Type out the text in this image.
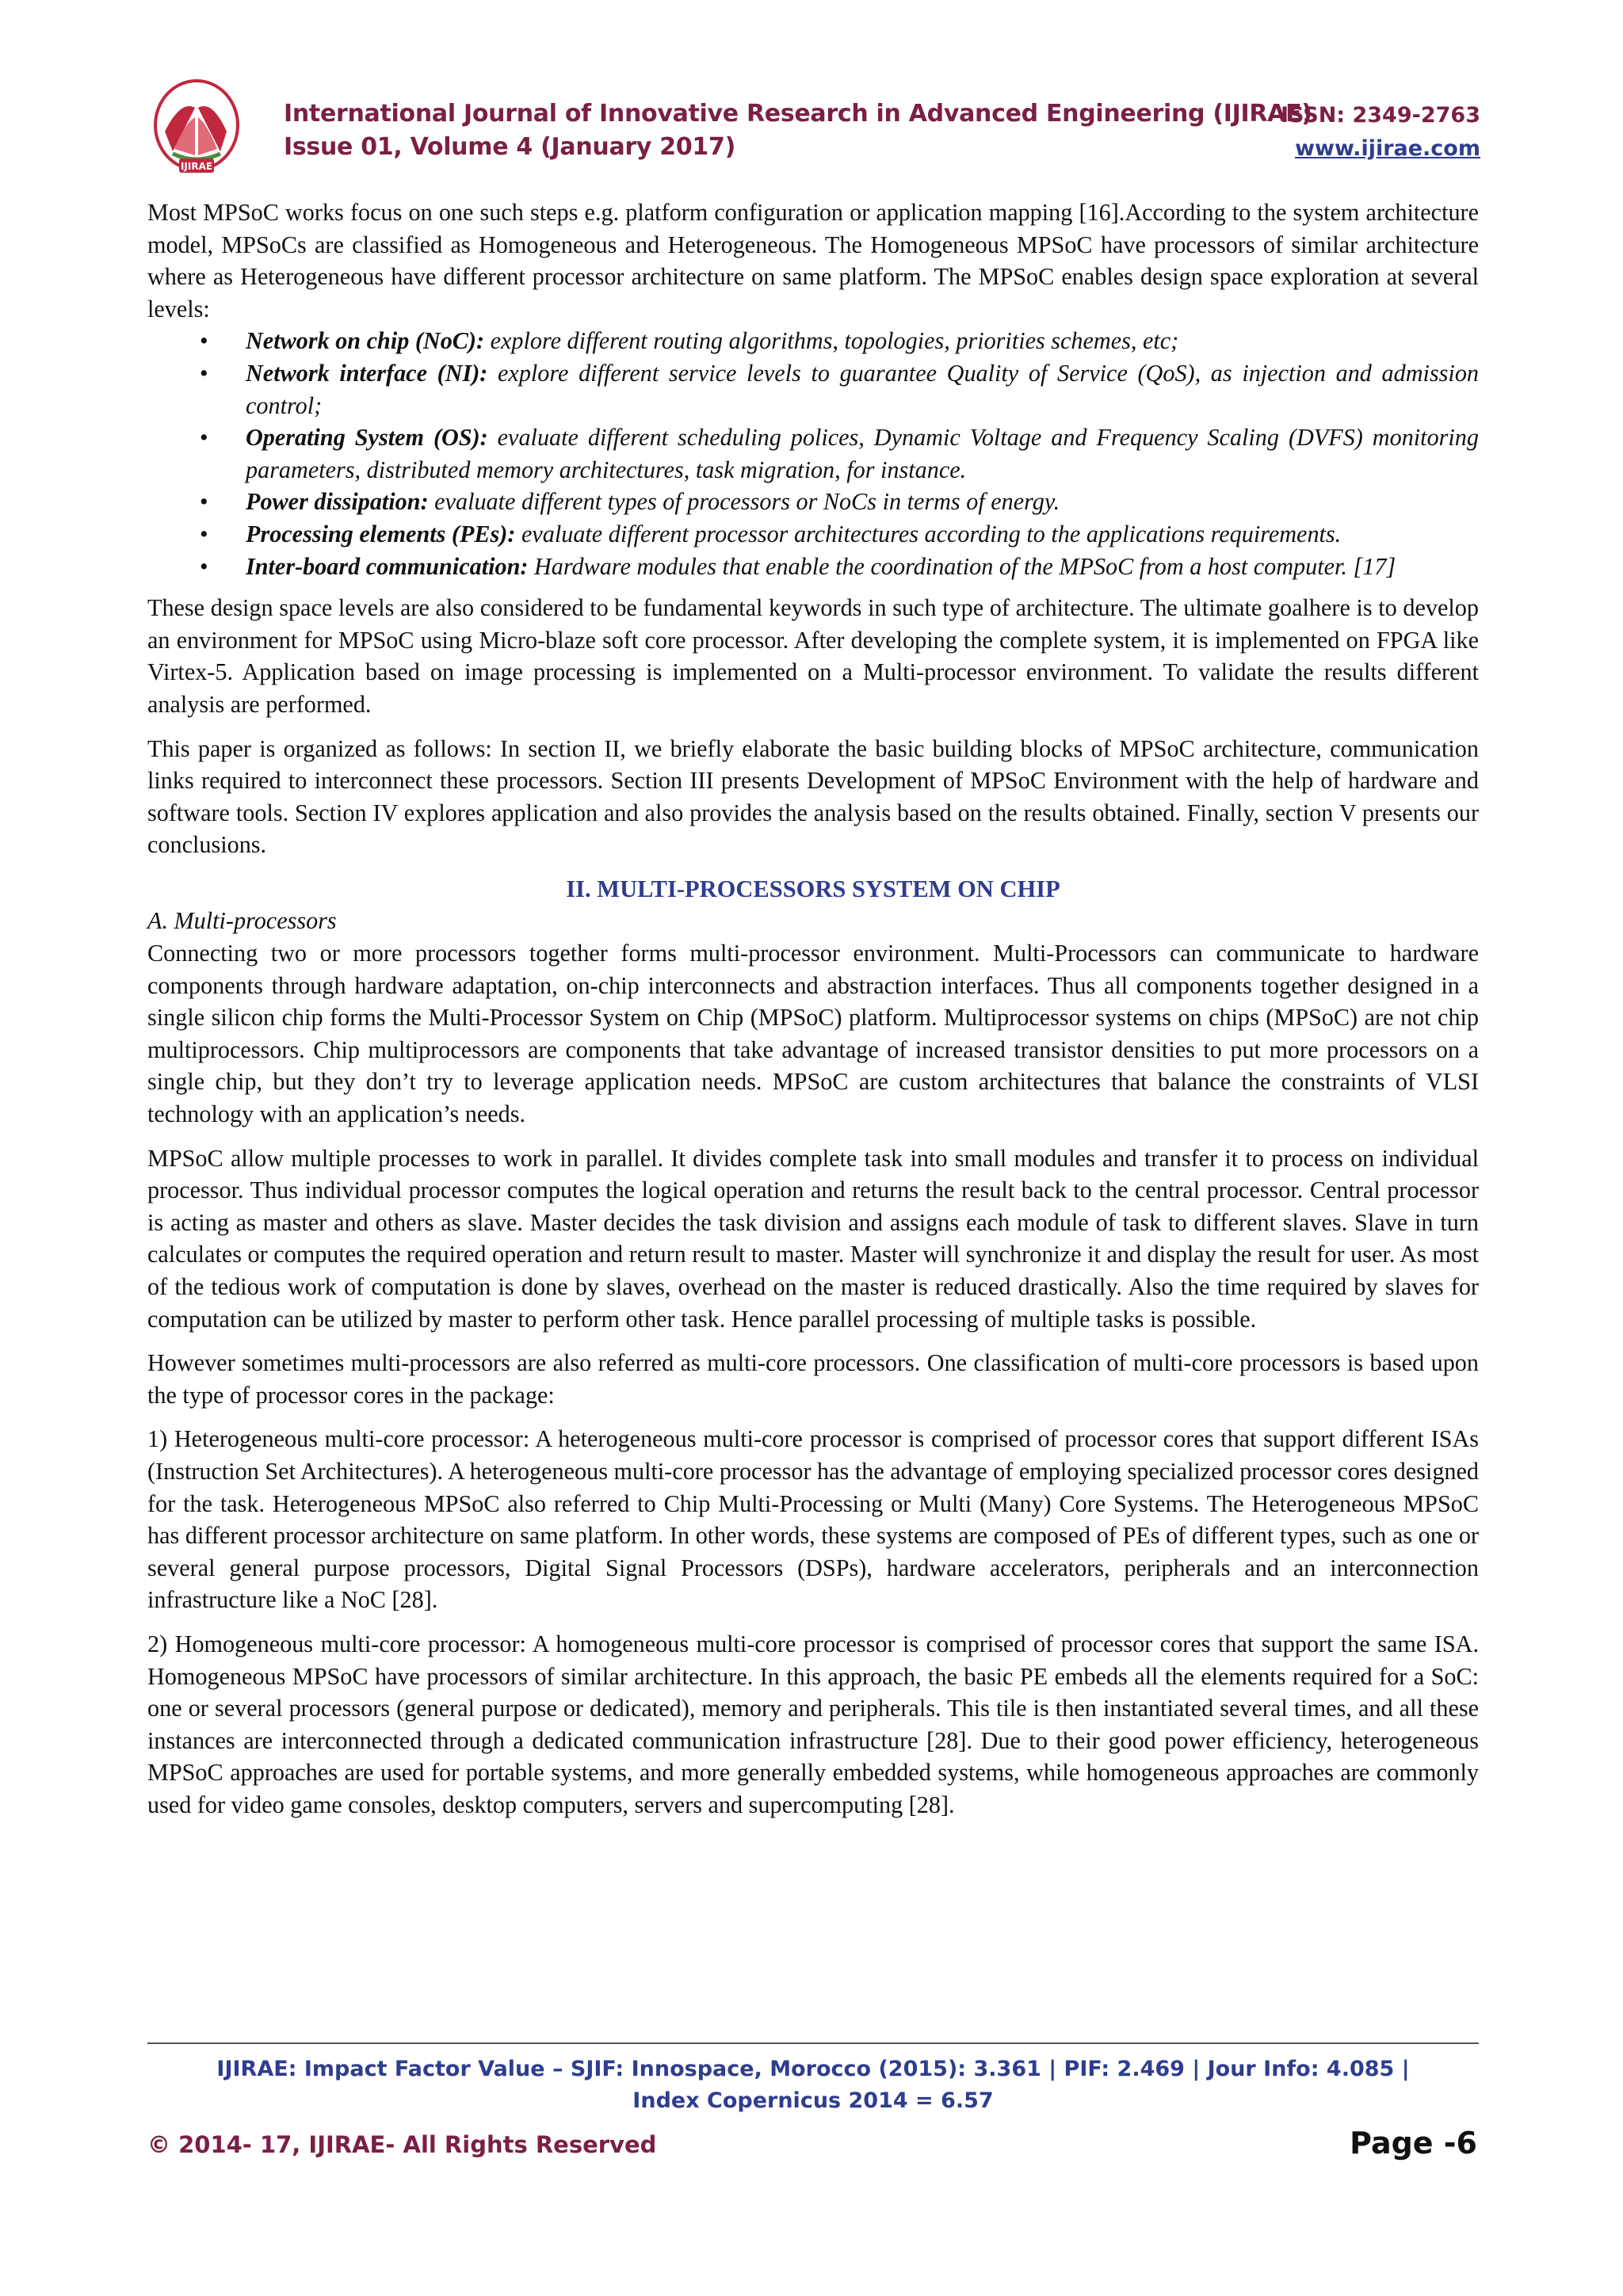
IJIRAE
International Journal of Innovative Research in Advanced Engineering (IJIRAE)
Issue 01, Volume 4 (January 2017)
ISSN: 2349-2763
www.ijirae.com

Most MPSoC works focus on one such steps e.g. platform configuration or application mapping [16].According to the system architecture model, MPSoCs are classified as Homogeneous and Heterogeneous. The Homogeneous MPSoC have processors of similar architecture where as Heterogeneous have different processor architecture on same platform. The MPSoC enables design space exploration at several levels:

• Network on chip (NoC): explore different routing algorithms, topologies, priorities schemes, etc;
• Network interface (NI): explore different service levels to guarantee Quality of Service (QoS), as injection and admission control;
• Operating System (OS): evaluate different scheduling polices, Dynamic Voltage and Frequency Scaling (DVFS) monitoring parameters, distributed memory architectures, task migration, for instance.
• Power dissipation: evaluate different types of processors or NoCs in terms of energy.
• Processing elements (PEs): evaluate different processor architectures according to the applications requirements.
• Inter-board communication: Hardware modules that enable the coordination of the MPSoC from a host computer. [17]

These design space levels are also considered to be fundamental keywords in such type of architecture. The ultimate goalhere is to develop an environment for MPSoC using Micro-blaze soft core processor. After developing the complete system, it is implemented on FPGA like Virtex-5. Application based on image processing is implemented on a Multi-processor environment. To validate the results different analysis are performed.

This paper is organized as follows: In section II, we briefly elaborate the basic building blocks of MPSoC architecture, communication links required to interconnect these processors. Section III presents Development of MPSoC Environment with the help of hardware and software tools. Section IV explores application and also provides the analysis based on the results obtained. Finally, section V presents our conclusions.

II. MULTI-PROCESSORS SYSTEM ON CHIP
A. Multi-processors

Connecting two or more processors together forms multi-processor environment. Multi-Processors can communicate to hardware components through hardware adaptation, on-chip interconnects and abstraction interfaces. Thus all components together designed in a single silicon chip forms the Multi-Processor System on Chip (MPSoC) platform. Multiprocessor systems on chips (MPSoC) are not chip multiprocessors. Chip multiprocessors are components that take advantage of increased transistor densities to put more processors on a single chip, but they don’t try to leverage application needs. MPSoC are custom architectures that balance the constraints of VLSI technology with an application’s needs.

MPSoC allow multiple processes to work in parallel. It divides complete task into small modules and transfer it to process on individual processor. Thus individual processor computes the logical operation and returns the result back to the central processor. Central processor is acting as master and others as slave. Master decides the task division and assigns each module of task to different slaves. Slave in turn calculates or computes the required operation and return result to master. Master will synchronize it and display the result for user. As most of the tedious work of computation is done by slaves, overhead on the master is reduced drastically. Also the time required by slaves for computation can be utilized by master to perform other task. Hence parallel processing of multiple tasks is possible.

However sometimes multi-processors are also referred as multi-core processors. One classification of multi-core processors is based upon the type of processor cores in the package:

1) Heterogeneous multi-core processor: A heterogeneous multi-core processor is comprised of processor cores that support different ISAs (Instruction Set Architectures). A heterogeneous multi-core processor has the advantage of employing specialized processor cores designed for the task. Heterogeneous MPSoC also referred to Chip Multi-Processing or Multi (Many) Core Systems. The Heterogeneous MPSoC has different processor architecture on same platform. In other words, these systems are composed of PEs of different types, such as one or several general purpose processors, Digital Signal Processors (DSPs), hardware accelerators, peripherals and an interconnection infrastructure like a NoC [28].

2) Homogeneous multi-core processor: A homogeneous multi-core processor is comprised of processor cores that support the same ISA. Homogeneous MPSoC have processors of similar architecture. In this approach, the basic PE embeds all the elements required for a SoC: one or several processors (general purpose or dedicated), memory and peripherals. This tile is then instantiated several times, and all these instances are interconnected through a dedicated communication infrastructure [28]. Due to their good power efficiency, heterogeneous MPSoC approaches are used for portable systems, and more generally embedded systems, while homogeneous approaches are commonly used for video game consoles, desktop computers, servers and supercomputing [28].

IJIRAE: Impact Factor Value – SJIF: Innospace, Morocco (2015): 3.361 | PIF: 2.469 | Jour Info: 4.085 |
Index Copernicus 2014 = 6.57
© 2014- 17, IJIRAE- All Rights Reserved	Page -6
